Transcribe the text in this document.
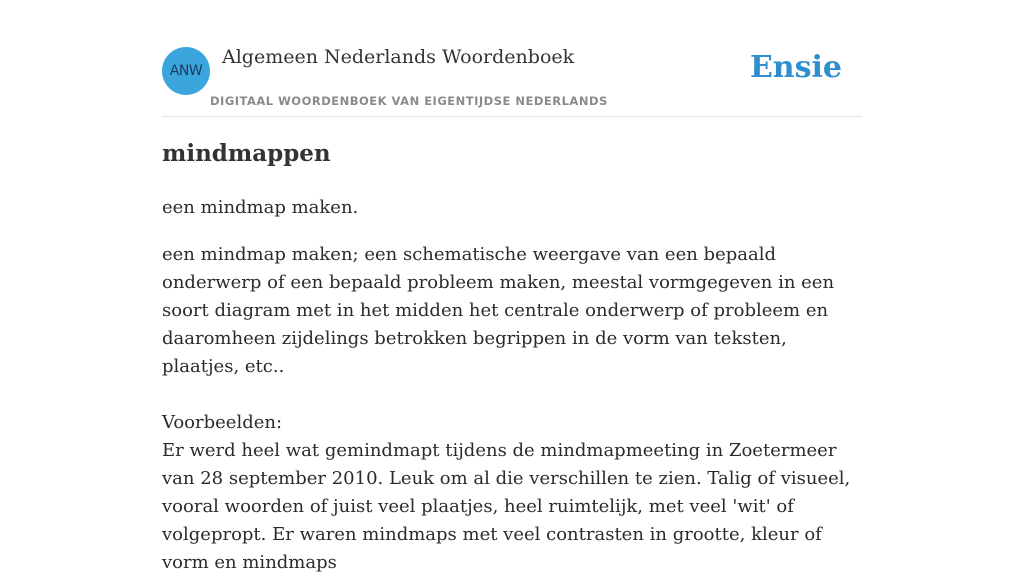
ANW
Algemeen Nederlands Woordenboek
DIGITAAL WOORDENBOEK VAN EIGENTIJDSE NEDERLANDS
Ensie
mindmappen

een mindmap maken.

een mindmap maken; een schematische weergave van een bepaald onderwerp of een bepaald probleem maken, meestal vormgegeven in een soort diagram met in het midden het centrale onderwerp of probleem en daaromheen zijdelings betrokken begrippen in de vorm van teksten, plaatjes, etc..

Voorbeelden:
Er werd heel wat gemindmapt tijdens de mindmapmeeting in Zoetermeer van 28 september 2010. Leuk om al die verschillen te zien. Talig of visueel, vooral woorden of juist veel plaatjes, heel ruimtelijk, met veel 'wit' of volgepropt. Er waren mindmaps met veel contrasten in grootte, kleur of vorm en mindmaps
